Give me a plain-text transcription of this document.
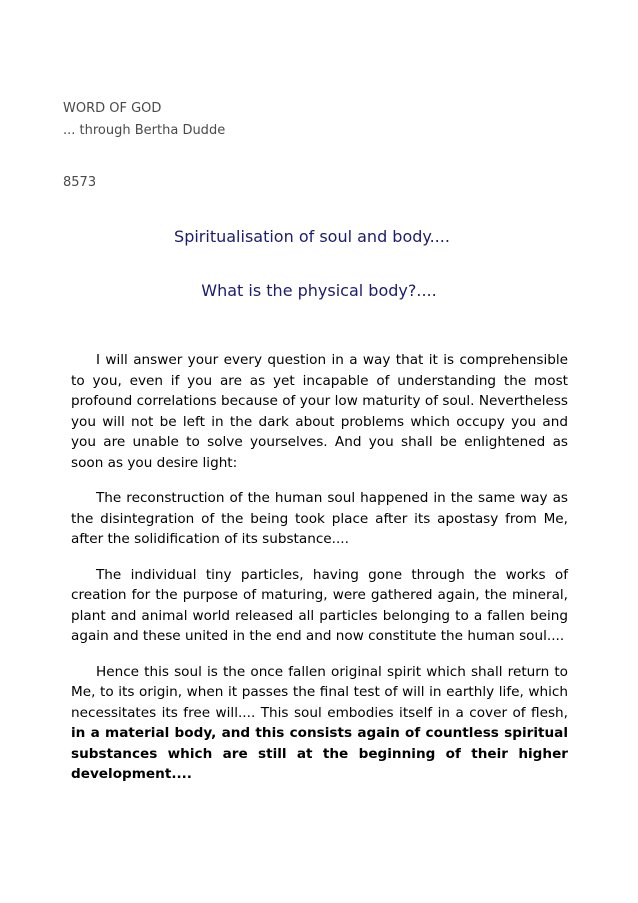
WORD OF GOD
... through Bertha Dudde
8573
Spiritualisation of soul and body....
What is the physical body?....

I will answer your every question in a way that it is comprehensible to you, even if you are as yet incapable of understanding the most profound correlations because of your low maturity of soul. Nevertheless you will not be left in the dark about problems which occupy you and you are unable to solve yourselves. And you shall be enlightened as soon as you desire light:

The reconstruction of the human soul happened in the same way as the disintegration of the being took place after its apostasy from Me, after the solidification of its substance....

The individual tiny particles, having gone through the works of creation for the purpose of maturing, were gathered again, the mineral, plant and animal world released all particles belonging to a fallen being again and these united in the end and now constitute the human soul....

Hence this soul is the once fallen original spirit which shall return to Me, to its origin, when it passes the final test of will in earthly life, which necessitates its free will.... This soul embodies itself in a cover of flesh, in a material body, and this consists again of countless spiritual substances which are still at the beginning of their higher development....
